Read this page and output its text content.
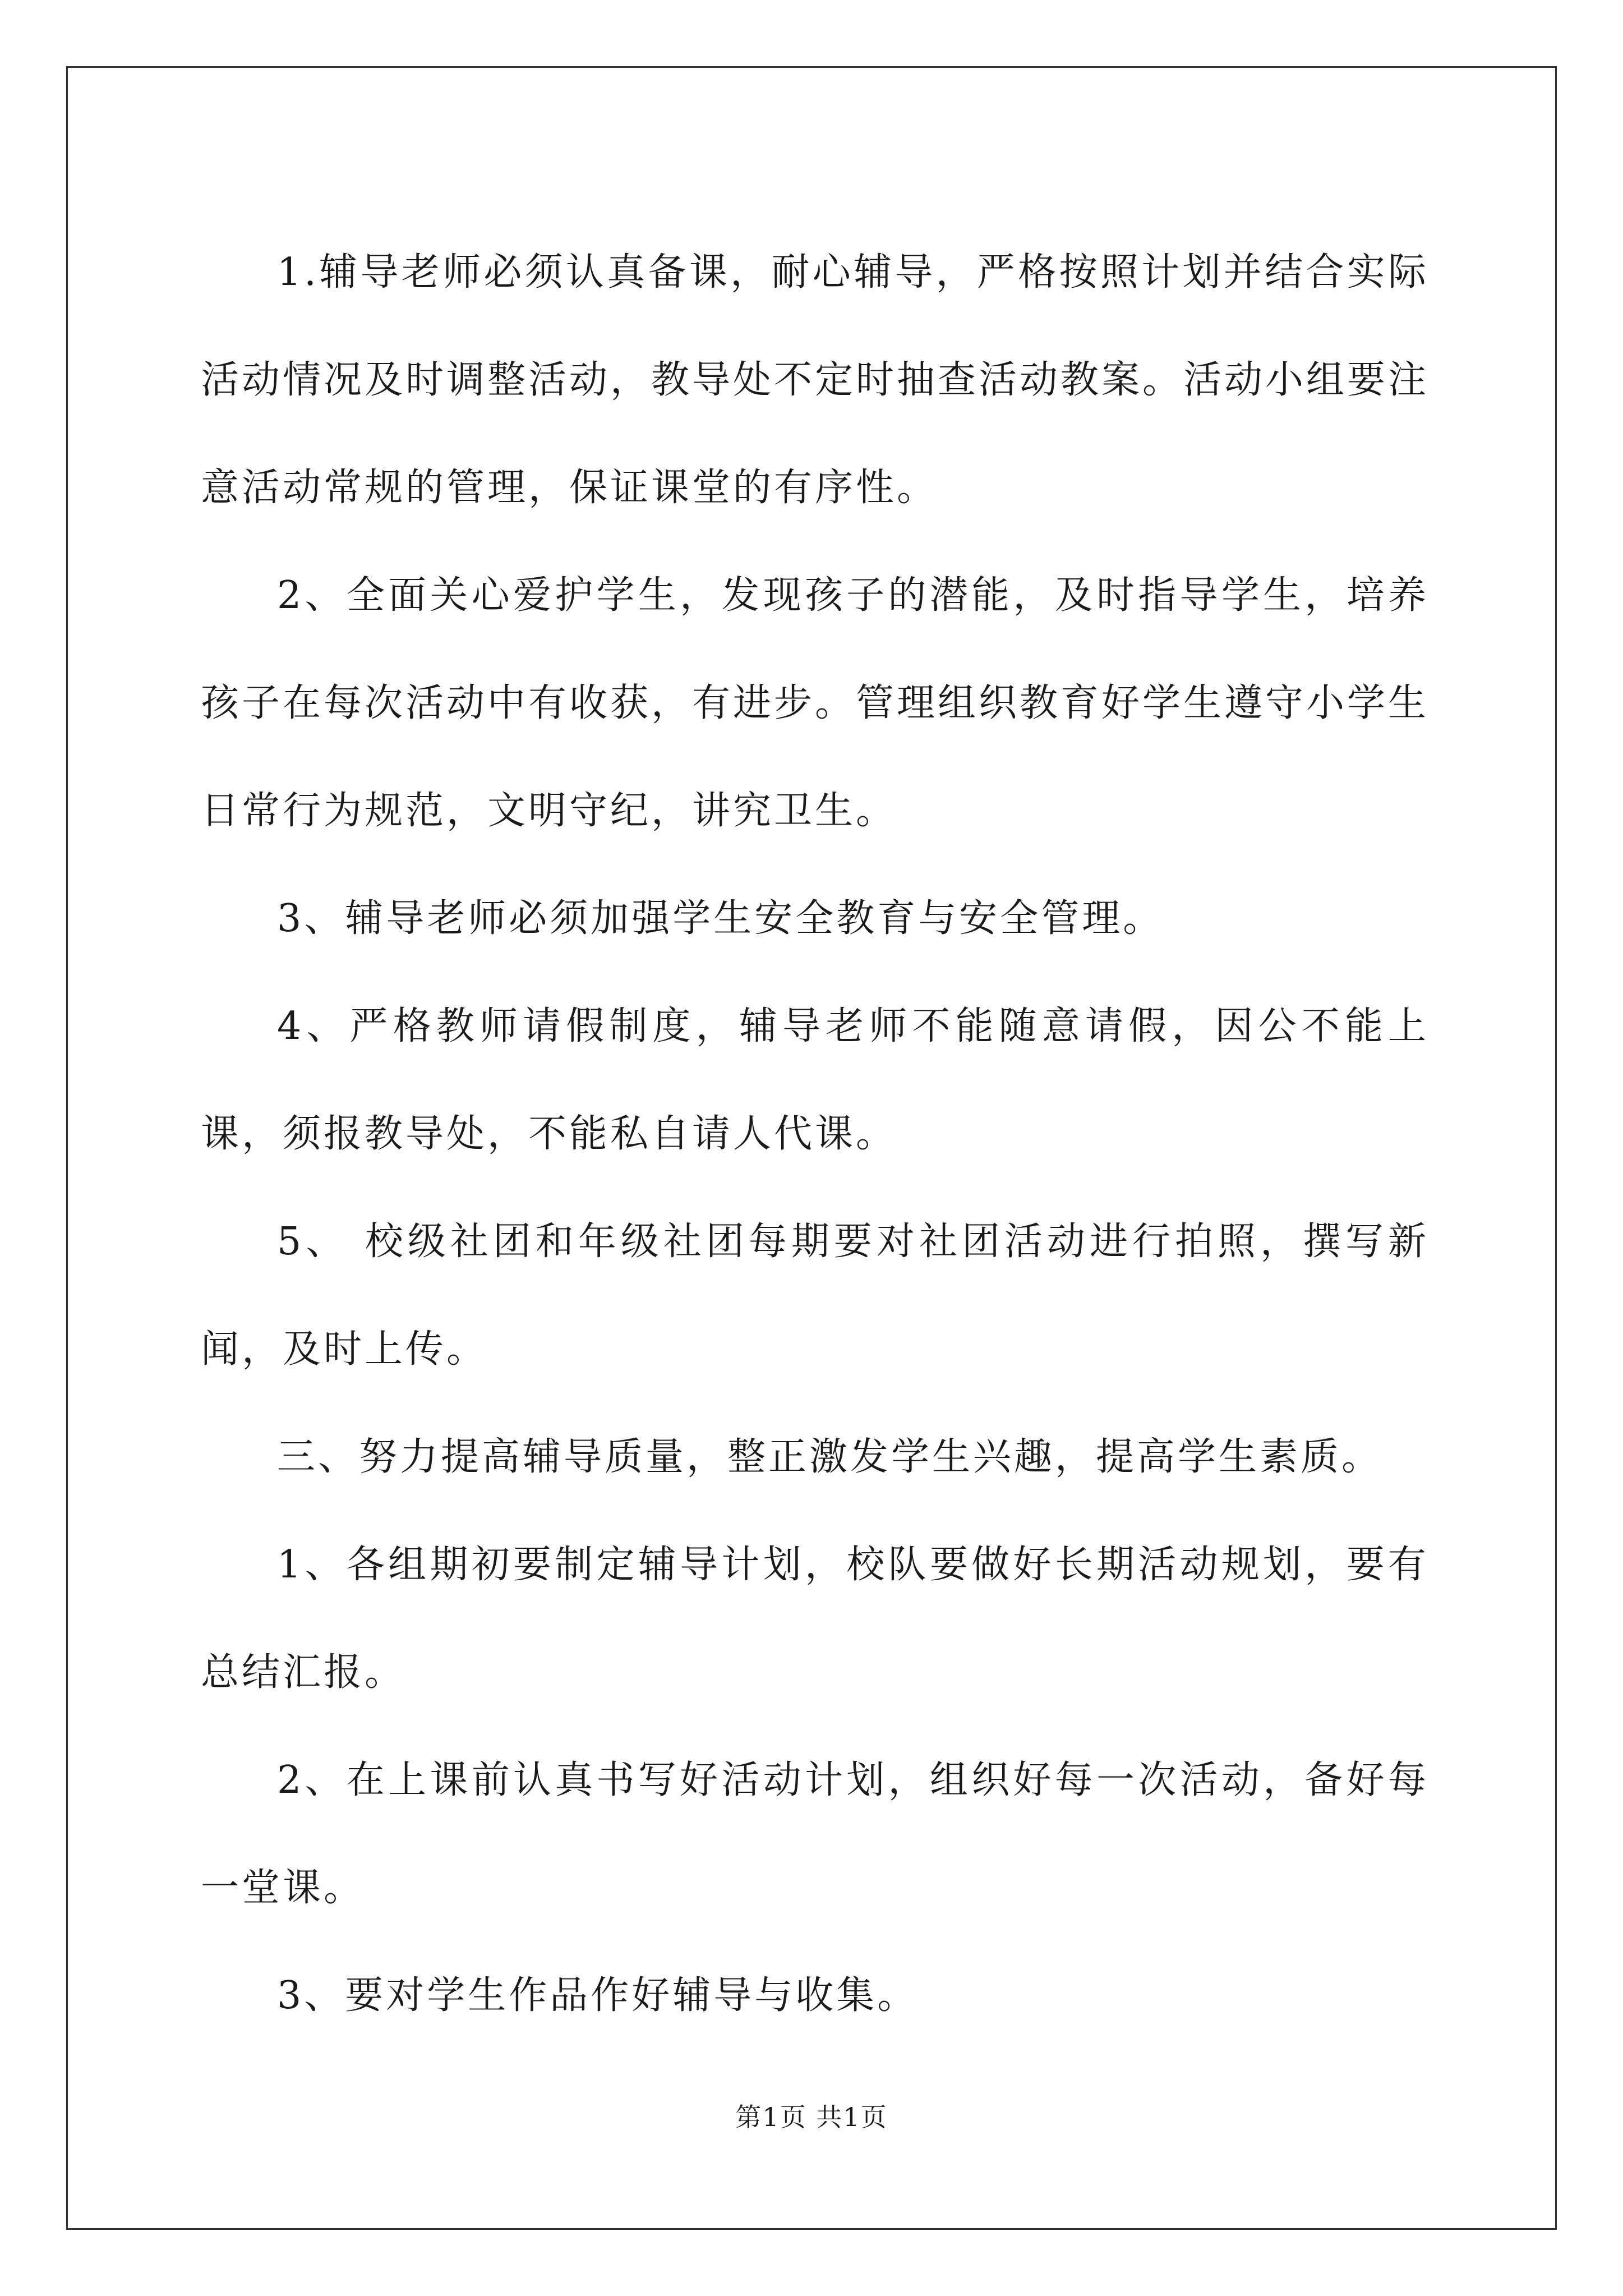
1.辅导老师必须认真备课，耐心辅导，严格按照计划并结合实际活动情况及时调整活动，教导处不定时抽查活动教案。活动小组要注意活动常规的管理，保证课堂的有序性。

2、全面关心爱护学生，发现孩子的潜能，及时指导学生，培养孩子在每次活动中有收获，有进步。管理组织教育好学生遵守小学生日常行为规范，文明守纪，讲究卫生。

3、辅导老师必须加强学生安全教育与安全管理。

4、严格教师请假制度，辅导老师不能随意请假，因公不能上课，须报教导处，不能私自请人代课。

5、 校级社团和年级社团每期要对社团活动进行拍照，撰写新闻，及时上传。

三、努力提高辅导质量，整正激发学生兴趣，提高学生素质。

1、各组期初要制定辅导计划，校队要做好长期活动规划，要有总结汇报。

2、在上课前认真书写好活动计划，组织好每一次活动，备好每一堂课。

3、要对学生作品作好辅导与收集。

第1页 共1页
